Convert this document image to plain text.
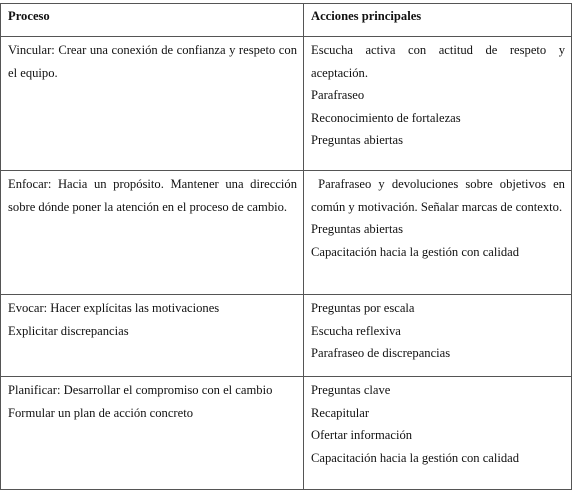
Proceso	Acciones principales

Vincular: Crear una conexión de confianza y respeto con el equipo.	Escucha activa con actitud de respeto y aceptación.
Parafraseo
Reconocimiento de fortalezas
Preguntas abiertas

Enfocar: Hacia un propósito. Mantener una dirección sobre dónde poner la atención en el proceso de cambio.	Parafraseo y devoluciones sobre objetivos en común y motivación. Señalar marcas de contexto.
Preguntas abiertas
Capacitación hacia la gestión con calidad

Evocar: Hacer explícitas las motivaciones
Explicitar discrepancias	Preguntas por escala
Escucha reflexiva
Parafraseo de discrepancias

Planificar: Desarrollar el compromiso con el cambio
Formular un plan de acción concreto	Preguntas clave
Recapitular
Ofertar información
Capacitación hacia la gestión con calidad
